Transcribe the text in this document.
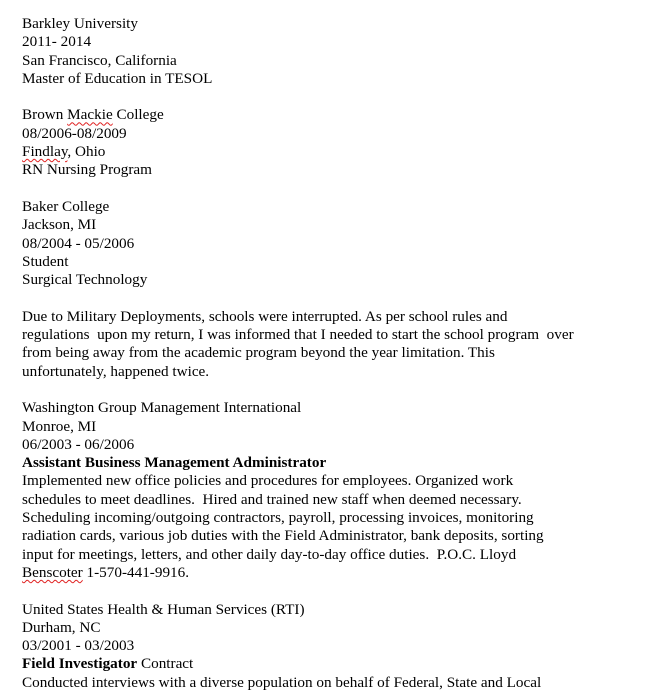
Barkley University
2011- 2014
San Francisco, California
Master of Education in TESOL
Brown Mackie College
08/2006-08/2009
Findlay, Ohio
RN Nursing Program
Baker College
Jackson, MI
08/2004 - 05/2006
Student
Surgical Technology
Due to Military Deployments, schools were interrupted. As per school rules and
regulations  upon my return, I was informed that I needed to start the school program  over
from being away from the academic program beyond the year limitation. This
unfortunately, happened twice.
Washington Group Management International
Monroe, MI
06/2003 - 06/2006
Assistant Business Management Administrator
Implemented new office policies and procedures for employees. Organized work
schedules to meet deadlines.  Hired and trained new staff when deemed necessary.
Scheduling incoming/outgoing contractors, payroll, processing invoices, monitoring
radiation cards, various job duties with the Field Administrator, bank deposits, sorting
input for meetings, letters, and other daily day-to-day office duties.  P.O.C. Lloyd
Benscoter 1-570-441-9916.
United States Health & Human Services (RTI)
Durham, NC
03/2001 - 03/2003
Field Investigator Contract
Conducted interviews with a diverse population on behalf of Federal, State and Local
